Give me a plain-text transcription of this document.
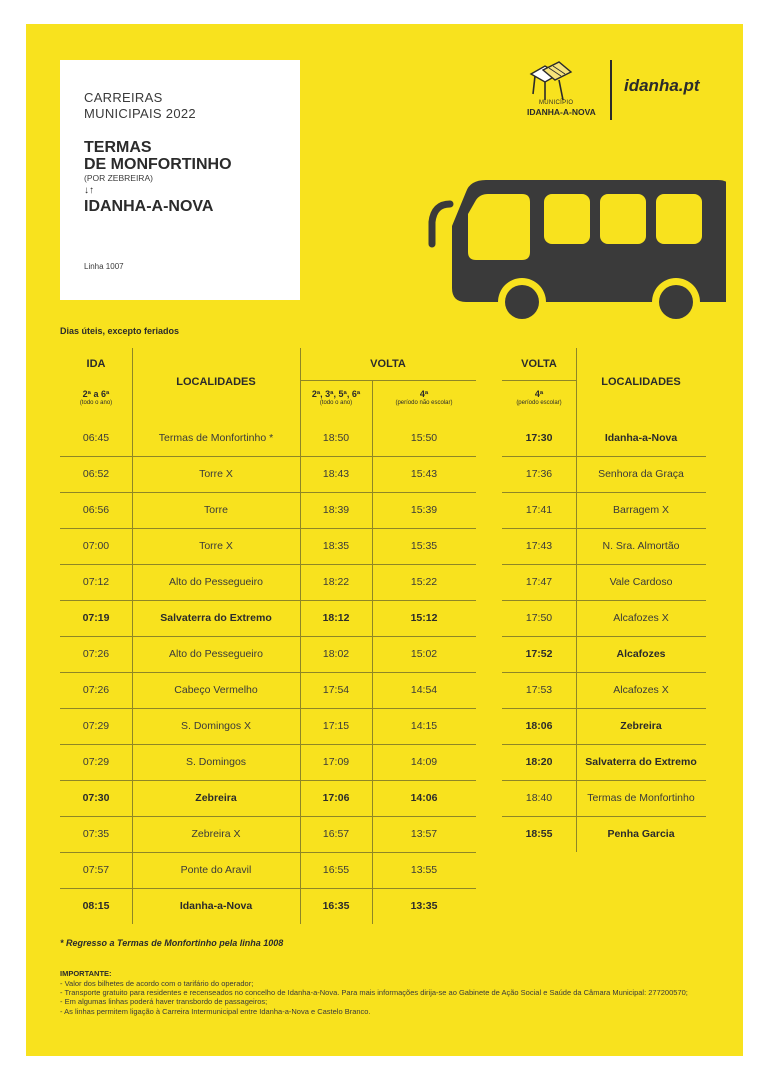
CARREIRAS
MUNICIPAIS 2022
TERMAS
DE MONFORTINHO
(POR ZEBREIRA)
↓↑
IDANHA-A-NOVA
Linha 1007
MUNICÍPIO
IDANHA-A-NOVA
idanha.pt
Dias úteis, excepto feriados
IDA
2ª a 6ª
(todo o ano)
LOCALIDADES
VOLTA
2ª, 3ª, 5ª, 6ª
(todo o ano)
4ª
(período não escolar)
VOLTA
4ª
(período escolar)
LOCALIDADES
06:45	Termas de Monfortinho *	18:50	15:50
06:52	Torre X	18:43	15:43
06:56	Torre	18:39	15:39
07:00	Torre X	18:35	15:35
07:12	Alto do Pessegueiro	18:22	15:22
07:19	Salvaterra do Extremo	18:12	15:12
07:26	Alto do Pessegueiro	18:02	15:02
07:26	Cabeço Vermelho	17:54	14:54
07:29	S. Domingos X	17:15	14:15
07:29	S. Domingos	17:09	14:09
07:30	Zebreira	17:06	14:06
07:35	Zebreira X	16:57	13:57
07:57	Ponte do Aravil	16:55	13:55
08:15	Idanha-a-Nova	16:35	13:35
17:30	Idanha-a-Nova
17:36	Senhora da Graça
17:41	Barragem X
17:43	N. Sra. Almortão
17:47	Vale Cardoso
17:50	Alcafozes X
17:52	Alcafozes
17:53	Alcafozes X
18:06	Zebreira
18:20	Salvaterra do Extremo
18:40	Termas de Monfortinho
18:55	Penha Garcia
* Regresso a Termas de Monfortinho pela linha 1008
IMPORTANTE:
- Valor dos bilhetes de acordo com o tarifário do operador;
- Transporte gratuito para residentes e recenseados no concelho de Idanha-a-Nova. Para mais informações dirija-se ao Gabinete de Ação Social e Saúde da Câmara Municipal: 277200570;
- Em algumas linhas poderá haver transbordo de passageiros;
- As linhas permitem ligação à Carreira Intermunicipal entre Idanha-a-Nova e Castelo Branco.
